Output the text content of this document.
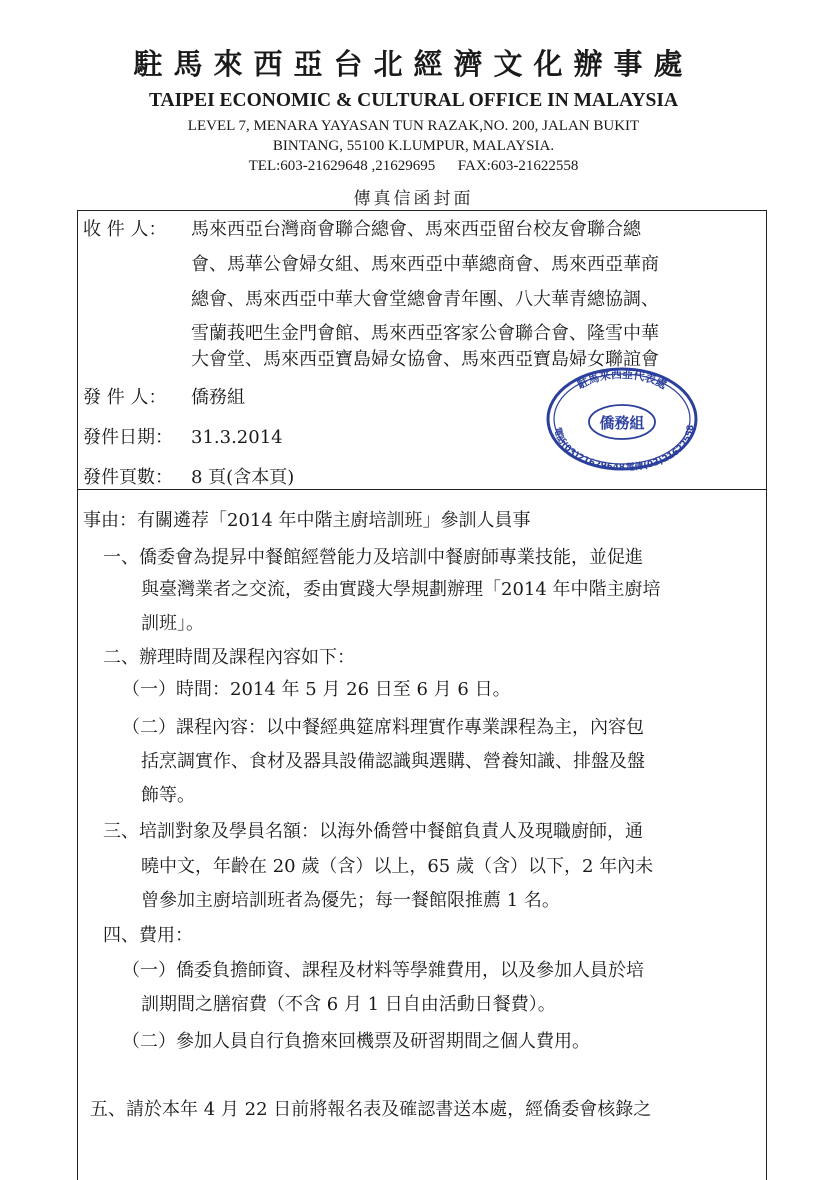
駐馬來西亞台北經濟文化辦事處
TAIPEI ECONOMIC & CULTURAL OFFICE IN MALAYSIA
LEVEL 7, MENARA YAYASAN TUN RAZAK,NO. 200, JALAN BUKIT
BINTANG, 55100 K.LUMPUR, MALAYSIA.
TEL:603-21629648 ,21629695      FAX:603-21622558
傳真信函封面
收 件 人： 馬來西亞台灣商會聯合總會、馬來西亞留台校友會聯合總
會、馬華公會婦女組、馬來西亞中華總商會、馬來西亞華商
總會、馬來西亞中華大會堂總會青年團、八大華青總協調、
雪蘭莪吧生金門會館、馬來西亞客家公會聯合會、隆雪中華
大會堂、馬來西亞寶島婦女協會、馬來西亞寶島婦女聯誼會
發 件 人： 僑務組
發件日期： 31.3.2014
發件頁數： 8 頁(含本頁)
駐馬來西亞代表處
電話(03)21629648 電傳(03)21622558
僑務組
事由：有關遴荐「2014 年中階主廚培訓班」參訓人員事
一、僑委會為提昇中餐館經營能力及培訓中餐廚師專業技能，並促進
與臺灣業者之交流，委由實踐大學規劃辦理「2014 年中階主廚培
訓班」。
二、辦理時間及課程內容如下：
（一）時間：2014 年 5 月 26 日至 6 月 6 日。
（二）課程內容：以中餐經典筵席料理實作專業課程為主，內容包
括烹調實作、食材及器具設備認識與選購、營養知識、排盤及盤
飾等。
三、培訓對象及學員名額：以海外僑營中餐館負責人及現職廚師，通
曉中文，年齡在 20 歲（含）以上，65 歲（含）以下，2 年內未
曾參加主廚培訓班者為優先；每一餐館限推薦 1 名。
四、費用：
（一）僑委負擔師資、課程及材料等學雜費用，以及參加人員於培
訓期間之膳宿費（不含 6 月 1 日自由活動日餐費）。
（二）參加人員自行負擔來回機票及研習期間之個人費用。
五、請於本年 4 月 22 日前將報名表及確認書送本處，經僑委會核錄之
